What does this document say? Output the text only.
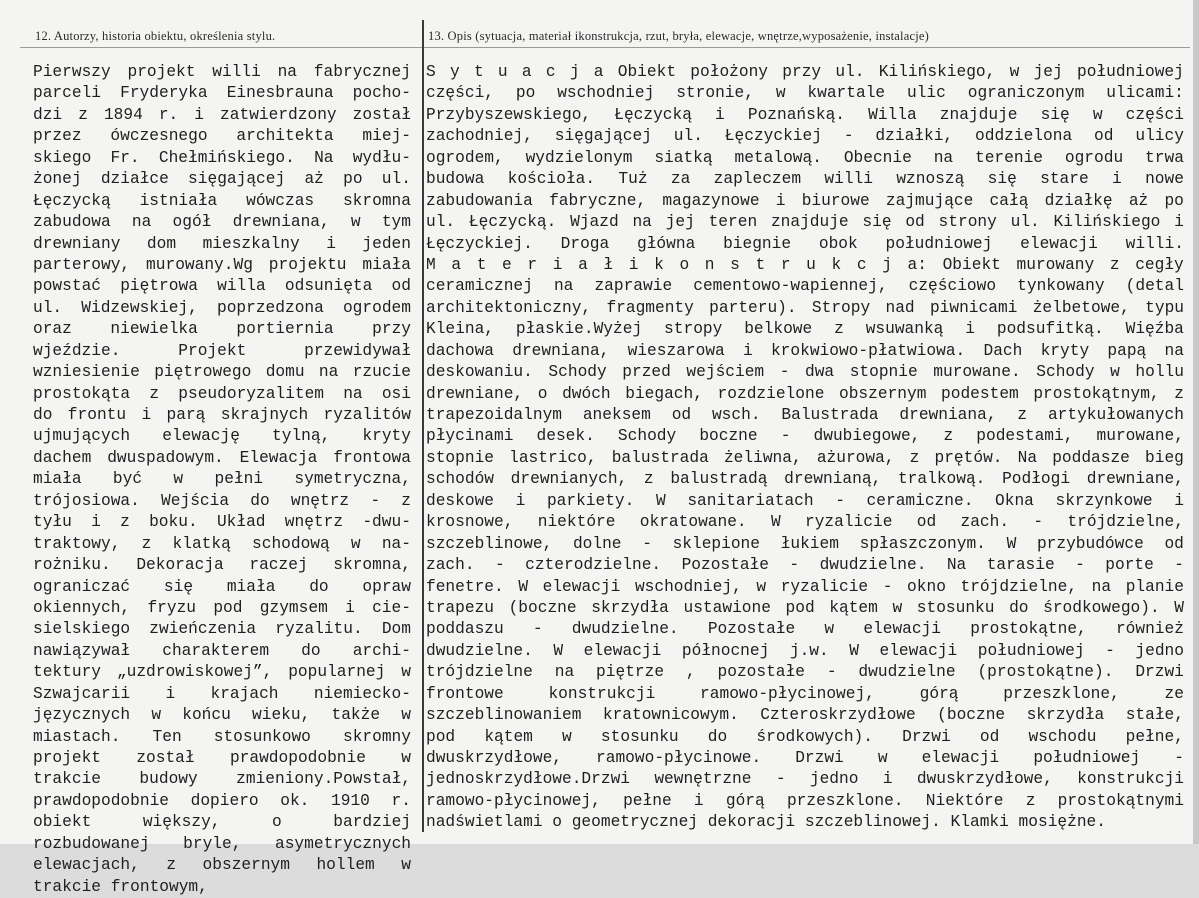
12. Autorzy, historia obiektu, określenia stylu.	13. Opis (sytuacja, materiał ikonstrukcja, rzut, bryła, elewacje, wnętrze,wyposażenie, instalacje)
Pierwszy projekt willi na fabrycznej
parceli Fryderyka Einesbrauna pocho-
dzi z 1894 r. i zatwierdzony został
przez ówczesnego architekta miej-
skiego Fr. Chełmińskiego. Na wydłu-
żonej działce sięgającej aż po ul.
Łęczycką istniała wówczas skromna
zabudowa na ogół drewniana, w tym
drewniany dom mieszkalny i jeden
parterowy, murowany.Wg projektu miała
powstać piętrowa willa odsunięta od
ul. Widzewskiej, poprzedzona ogrodem
oraz niewielka portiernia przy
wjeździe.	Projekt	przewidywał
wzniesienie piętrowego domu na rzucie
prostokąta z pseudoryzalitem na osi
do frontu i parą skrajnych ryzalitów
ujmujących elewację tylną, kryty
dachem dwuspadowym. Elewacja frontowa
miała być w pełni symetryczna,
trójosiowa. Wejścia do wnętrz - z
tyłu i z boku. Układ wnętrz -dwu-
traktowy, z klatką schodową w na-
rożniku. Dekoracja raczej skromna,
ograniczać się miała do opraw
okiennych, fryzu pod gzymsem i cie-
sielskiego zwieńczenia ryzalitu. Dom
nawiązywał charakterem do archi-
tektury „uzdrowiskowej”, popularnej w
Szwajcarii i krajach niemiecko-
języcznych w końcu wieku, także w
miastach. Ten stosunkowo skromny
projekt został prawdopodobnie w
trakcie budowy zmieniony.Powstał,
prawdopodobnie dopiero ok. 1910 r.
obiekt	większy,	o	bardziej
rozbudowanej bryle, asymetrycznych
elewacjach, z obszernym hollem w
trakcie frontowym,
S y t u a c j a Obiekt położony przy ul. Kilińskiego, w jej południowej
części, po wschodniej stronie, w kwartale ulic ograniczonym ulicami:
Przybyszewskiego, Łęczycką i Poznańską. Willa znajduje się w części
zachodniej, sięgającej ul. Łęczyckiej - działki, oddzielona od ulicy
ogrodem, wydzielonym siatką metalową. Obecnie na terenie ogrodu trwa
budowa kościoła. Tuż za zapleczem willi wznoszą się stare i nowe
zabudowania fabryczne, magazynowe i biurowe zajmujące całą działkę aż po
ul. Łęczycką. Wjazd na jej teren znajduje się od strony ul. Kilińskiego i
Łęczyckiej. Droga główna biegnie obok południowej elewacji willi.
M a t e r i a ł i k o n s t r u k c j a: Obiekt murowany z cegły
ceramicznej na zaprawie cementowo-wapiennej, częściowo tynkowany (detal
architektoniczny, fragmenty parteru). Stropy nad piwnicami żelbetowe, typu
Kleina, płaskie.Wyżej stropy belkowe z wsuwanką i podsufitką. Więźba
dachowa drewniana, wieszarowa i krokwiowo-płatwiowa. Dach kryty papą na
deskowaniu. Schody przed wejściem - dwa stopnie murowane. Schody w hollu
drewniane, o dwóch biegach, rozdzielone obszernym podestem prostokątnym, z
trapezoidalnym aneksem od wsch. Balustrada drewniana, z artykułowanych
płycinami desek. Schody boczne - dwubiegowe, z podestami, murowane,
stopnie lastrico, balustrada żeliwna, ażurowa, z prętów. Na poddasze bieg
schodów drewnianych, z balustradą drewnianą, tralkową. Podłogi drewniane,
deskowe i parkiety. W sanitariatach - ceramiczne. Okna skrzynkowe i
krosnowe, niektóre okratowane. W ryzalicie od zach. - trójdzielne,
szczeblinowe, dolne - sklepione łukiem spłaszczonym. W przybudówce od
zach. - czterodzielne. Pozostałe - dwudzielne. Na tarasie - porte -
fenetre. W elewacji wschodniej, w ryzalicie - okno trójdzielne, na planie
trapezu (boczne skrzydła ustawione pod kątem w stosunku do środkowego). W
poddaszu - dwudzielne. Pozostałe w elewacji prostokątne, również
dwudzielne. W elewacji północnej j.w. W elewacji południowej - jedno
trójdzielne na piętrze , pozostałe - dwudzielne (prostokątne). Drzwi
frontowe	konstrukcji	ramowo-płycinowej,	górą	przeszklone,	ze
szczeblinowaniem kratownicowym. Czteroskrzydłowe (boczne skrzydła stałe,
pod kątem w stosunku do środkowych). Drzwi od wschodu pełne,
dwuskrzydłowe, ramowo-płycinowe. Drzwi w elewacji południowej -
jednoskrzydłowe.Drzwi wewnętrzne - jedno i dwuskrzydłowe, konstrukcji
ramowo-płycinowej, pełne i górą przeszklone. Niektóre z prostokątnymi
nadświetlami o geometrycznej dekoracji szczeblinowej. Klamki mosiężne.
